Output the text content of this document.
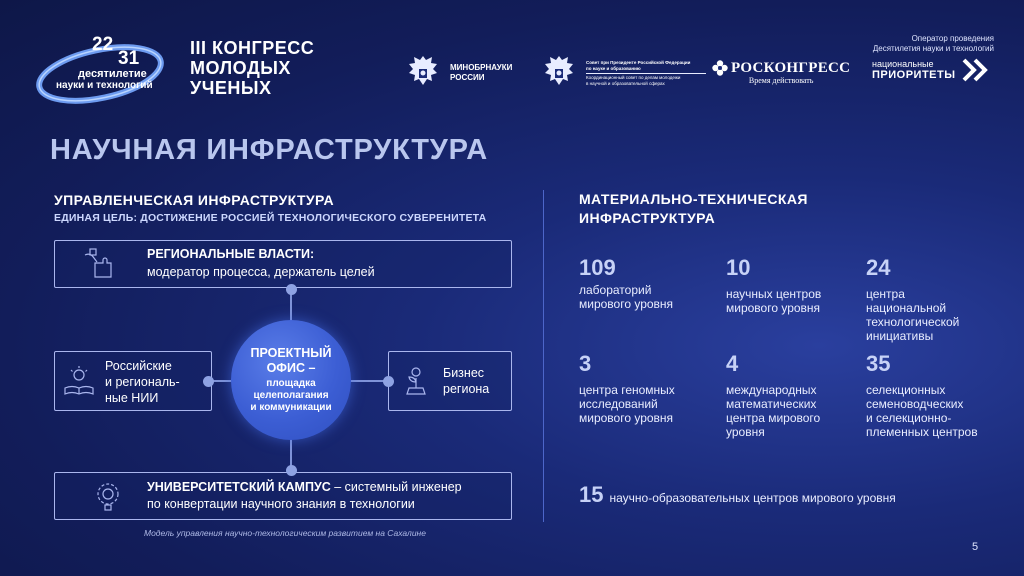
22
31
десятилетие
науки и технологий
III КОНГРЕСС
МОЛОДЫХ
УЧЕНЫХ
МИНОБРНАУКИ
РОССИИ
Совет при Президенте Российской Федерации
по науке и образованию
Координационный совет по делам молодежи
в научной и образовательной сферах
РОСКОНГРЕСС
Время действовать
Оператор проведения
Десятилетия науки и технологий
национальные
ПРИОРИТЕТЫ
НАУЧНАЯ ИНФРАСТРУКТУРА
УПРАВЛЕНЧЕСКАЯ ИНФРАСТРУКТУРА
ЕДИНАЯ ЦЕЛЬ: ДОСТИЖЕНИЕ РОССИЕЙ ТЕХНОЛОГИЧЕСКОГО СУВЕРЕНИТЕТА
РЕГИОНАЛЬНЫЕ ВЛАСТИ:
модератор процесса, держатель целей
Российские
и региональ-
ные НИИ
Бизнес
региона
УНИВЕРСИТЕТСКИЙ КАМПУС – системный инженер
по конвертации научного знания в технологии
ПРОЕКТНЫЙ
ОФИС –
площадка
целеполагания
и коммуникации
Модель управления научно-технологическим развитием на Сахалине
МАТЕРИАЛЬНО-ТЕХНИЧЕСКАЯ
ИНФРАСТРУКТУРА
109
лабораторий
мирового уровня
10
научных центров
мирового уровня
24
центра
национальной
технологической
инициативы
3
центра геномных
исследований
мирового уровня
4
международных
математических
центра мирового
уровня
35
селекционных
семеноводческих
и селекционно-
племенных центров
15 научно-образовательных центров мирового уровня
5
